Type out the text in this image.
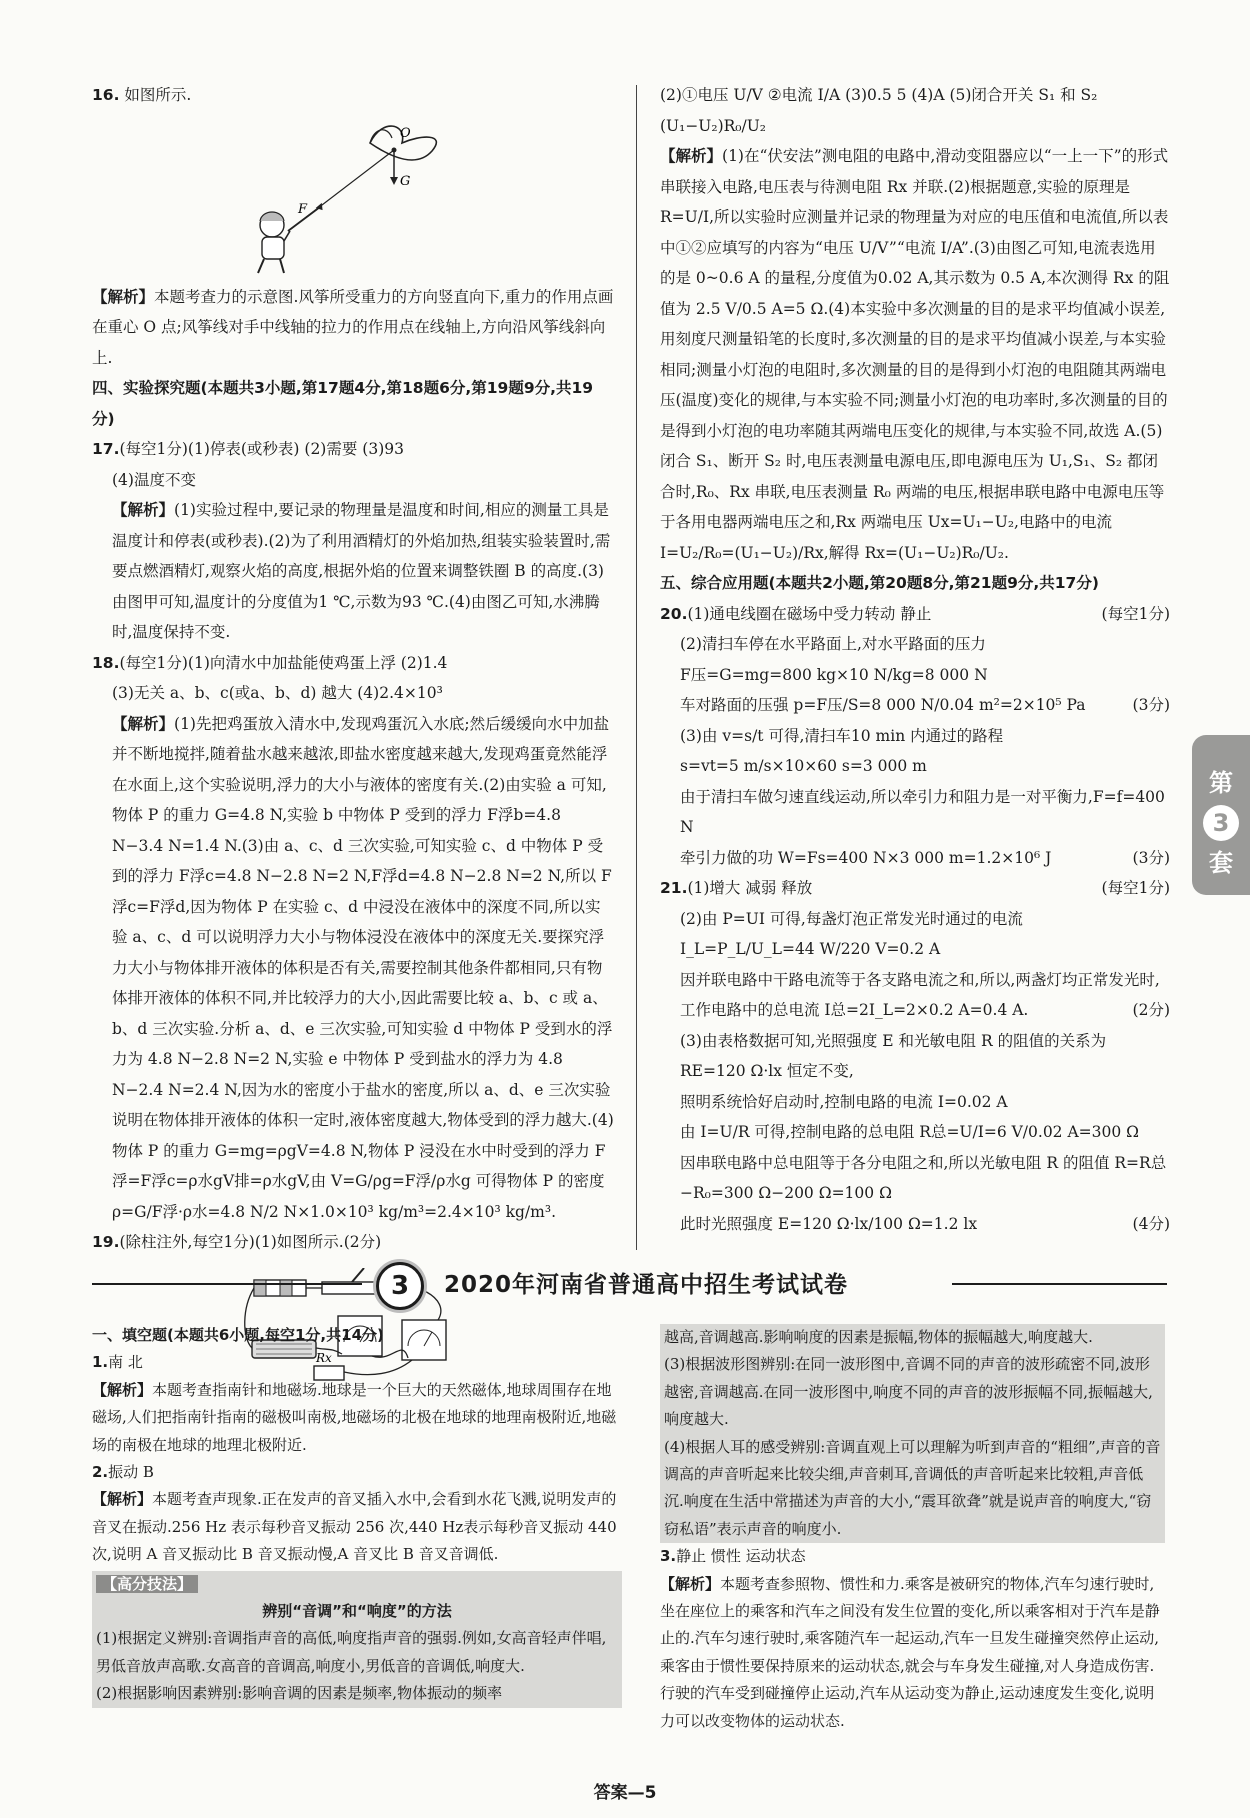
第
3
套

16. 如图所示.

O
G
F

【解析】本题考查力的示意图.风筝所受重力的方向竖直向下,重力的作用点画在重心 O 点;风筝线对手中线轴的拉力的作用点在线轴上,方向沿风筝线斜向上.

四、实验探究题(本题共3小题,第17题4分,第18题6分,第19题9分,共19分)

17.(每空1分)(1)停表(或秒表) (2)需要 (3)93

(4)温度不变

【解析】(1)实验过程中,要记录的物理量是温度和时间,相应的测量工具是温度计和停表(或秒表).(2)为了利用酒精灯的外焰加热,组装实验装置时,需要点燃酒精灯,观察火焰的高度,根据外焰的位置来调整铁圈 B 的高度.(3)由图甲可知,温度计的分度值为1 ℃,示数为93 ℃.(4)由图乙可知,水沸腾时,温度保持不变.

18.(每空1分)(1)向清水中加盐能使鸡蛋上浮 (2)1.4

(3)无关 a、b、c(或a、b、d) 越大 (4)2.4×10³

【解析】(1)先把鸡蛋放入清水中,发现鸡蛋沉入水底;然后缓缓向水中加盐并不断地搅拌,随着盐水越来越浓,即盐水密度越来越大,发现鸡蛋竟然能浮在水面上,这个实验说明,浮力的大小与液体的密度有关.(2)由实验 a 可知,物体 P 的重力 G=4.8 N,实验 b 中物体 P 受到的浮力 F浮b=4.8 N−3.4 N=1.4 N.(3)由 a、c、d 三次实验,可知实验 c、d 中物体 P 受到的浮力 F浮c=4.8 N−2.8 N=2 N,F浮d=4.8 N−2.8 N=2 N,所以 F浮c=F浮d,因为物体 P 在实验 c、d 中浸没在液体中的深度不同,所以实验 a、c、d 可以说明浮力大小与物体浸没在液体中的深度无关.要探究浮力大小与物体排开液体的体积是否有关,需要控制其他条件都相同,只有物体排开液体的体积不同,并比较浮力的大小,因此需要比较 a、b、c 或 a、b、d 三次实验.分析 a、d、e 三次实验,可知实验 d 中物体 P 受到水的浮力为 4.8 N−2.8 N=2 N,实验 e 中物体 P 受到盐水的浮力为 4.8 N−2.4 N=2.4 N,因为水的密度小于盐水的密度,所以 a、d、e 三次实验说明在物体排开液体的体积一定时,液体密度越大,物体受到的浮力越大.(4)物体 P 的重力 G=mg=ρgV=4.8 N,物体 P 浸没在水中时受到的浮力 F浮=F浮c=ρ水gV排=ρ水gV,由 V=G/ρg=F浮/ρ水g 可得物体 P 的密度 ρ=G/F浮·ρ水=4.8 N/2 N×1.0×10³ kg/m³=2.4×10³ kg/m³.

19.(除柱注外,每空1分)(1)如图所示.(2分)

Rx

(2)①电压 U/V ②电流 I/A (3)0.5 5 (4)A (5)闭合开关 S₁ 和 S₂ (U₁−U₂)R₀/U₂

【解析】(1)在“伏安法”测电阻的电路中,滑动变阻器应以“一上一下”的形式串联接入电路,电压表与待测电阻 Rx 并联.(2)根据题意,实验的原理是 R=U/I,所以实验时应测量并记录的物理量为对应的电压值和电流值,所以表中①②应填写的内容为“电压 U/V”“电流 I/A”.(3)由图乙可知,电流表选用的是 0~0.6 A 的量程,分度值为0.02 A,其示数为 0.5 A,本次测得 Rx 的阻值为 2.5 V/0.5 A=5 Ω.(4)本实验中多次测量的目的是求平均值减小误差,用刻度尺测量铅笔的长度时,多次测量的目的是求平均值减小误差,与本实验相同;测量小灯泡的电阻时,多次测量的目的是得到小灯泡的电阻随其两端电压(温度)变化的规律,与本实验不同;测量小灯泡的电功率时,多次测量的目的是得到小灯泡的电功率随其两端电压变化的规律,与本实验不同,故选 A.(5)闭合 S₁、断开 S₂ 时,电压表测量电源电压,即电源电压为 U₁,S₁、S₂ 都闭合时,R₀、Rx 串联,电压表测量 R₀ 两端的电压,根据串联电路中电源电压等于各用电器两端电压之和,Rx 两端电压 Ux=U₁−U₂,电路中的电流 I=U₂/R₀=(U₁−U₂)/Rx,解得 Rx=(U₁−U₂)R₀/U₂.

五、综合应用题(本题共2小题,第20题8分,第21题9分,共17分)

20.(1)通电线圈在磁场中受力转动 静止	(每空1分)

(2)清扫车停在水平路面上,对水平路面的压力

F压=G=mg=800 kg×10 N/kg=8 000 N

车对路面的压强 p=F压/S=8 000 N/0.04 m²=2×10⁵ Pa	(3分)

(3)由 v=s/t 可得,清扫车10 min 内通过的路程

s=vt=5 m/s×10×60 s=3 000 m

由于清扫车做匀速直线运动,所以牵引力和阻力是一对平衡力,F=f=400 N

牵引力做的功 W=Fs=400 N×3 000 m=1.2×10⁶ J	(3分)

21.(1)增大 减弱 释放	(每空1分)

(2)由 P=UI 可得,每盏灯泡正常发光时通过的电流

I_L=P_L/U_L=44 W/220 V=0.2 A

因并联电路中干路电流等于各支路电流之和,所以,两盏灯均正常发光时,工作电路中的总电流 I总=2I_L=2×0.2 A=0.4 A.	(2分)

(3)由表格数据可知,光照强度 E 和光敏电阻 R 的阻值的关系为 RE=120 Ω·lx 恒定不变,

照明系统恰好启动时,控制电路的电流 I=0.02 A

由 I=U/R 可得,控制电路的总电阻 R总=U/I=6 V/0.02 A=300 Ω

因串联电路中总电阻等于各分电阻之和,所以光敏电阻 R 的阻值 R=R总−R₀=300 Ω−200 Ω=100 Ω

此时光照强度 E=120 Ω·lx/100 Ω=1.2 lx	(4分)

3	2020年河南省普通高中招生考试试卷

一、填空题(本题共6小题,每空1分,共14分)

1.南 北

【解析】本题考查指南针和地磁场.地球是一个巨大的天然磁体,地球周围存在地磁场,人们把指南针指南的磁极叫南极,地磁场的北极在地球的地理南极附近,地磁场的南极在地球的地理北极附近.

2.振动 B

【解析】本题考查声现象.正在发声的音叉插入水中,会看到水花飞溅,说明发声的音叉在振动.256 Hz 表示每秒音叉振动 256 次,440 Hz表示每秒音叉振动 440 次,说明 A 音叉振动比 B 音叉振动慢,A 音叉比 B 音叉音调低.

【高分技法】

辨别“音调”和“响度”的方法

(1)根据定义辨别:音调指声音的高低,响度指声音的强弱.例如,女高音轻声伴唱,男低音放声高歌.女高音的音调高,响度小,男低音的音调低,响度大.

(2)根据影响因素辨别:影响音调的因素是频率,物体振动的频率

越高,音调越高.影响响度的因素是振幅,物体的振幅越大,响度越大.

(3)根据波形图辨别:在同一波形图中,音调不同的声音的波形疏密不同,波形越密,音调越高.在同一波形图中,响度不同的声音的波形振幅不同,振幅越大,响度越大.

(4)根据人耳的感受辨别:音调直观上可以理解为听到声音的“粗细”,声音的音调高的声音听起来比较尖细,声音刺耳,音调低的声音听起来比较粗,声音低沉.响度在生活中常描述为声音的大小,“震耳欲聋”就是说声音的响度大,“窃窃私语”表示声音的响度小.

3.静止 惯性 运动状态

【解析】本题考查参照物、惯性和力.乘客是被研究的物体,汽车匀速行驶时,坐在座位上的乘客和汽车之间没有发生位置的变化,所以乘客相对于汽车是静止的.汽车匀速行驶时,乘客随汽车一起运动,汽车一旦发生碰撞突然停止运动,乘客由于惯性要保持原来的运动状态,就会与车身发生碰撞,对人身造成伤害.行驶的汽车受到碰撞停止运动,汽车从运动变为静止,运动速度发生变化,说明力可以改变物体的运动状态.

答案—5
